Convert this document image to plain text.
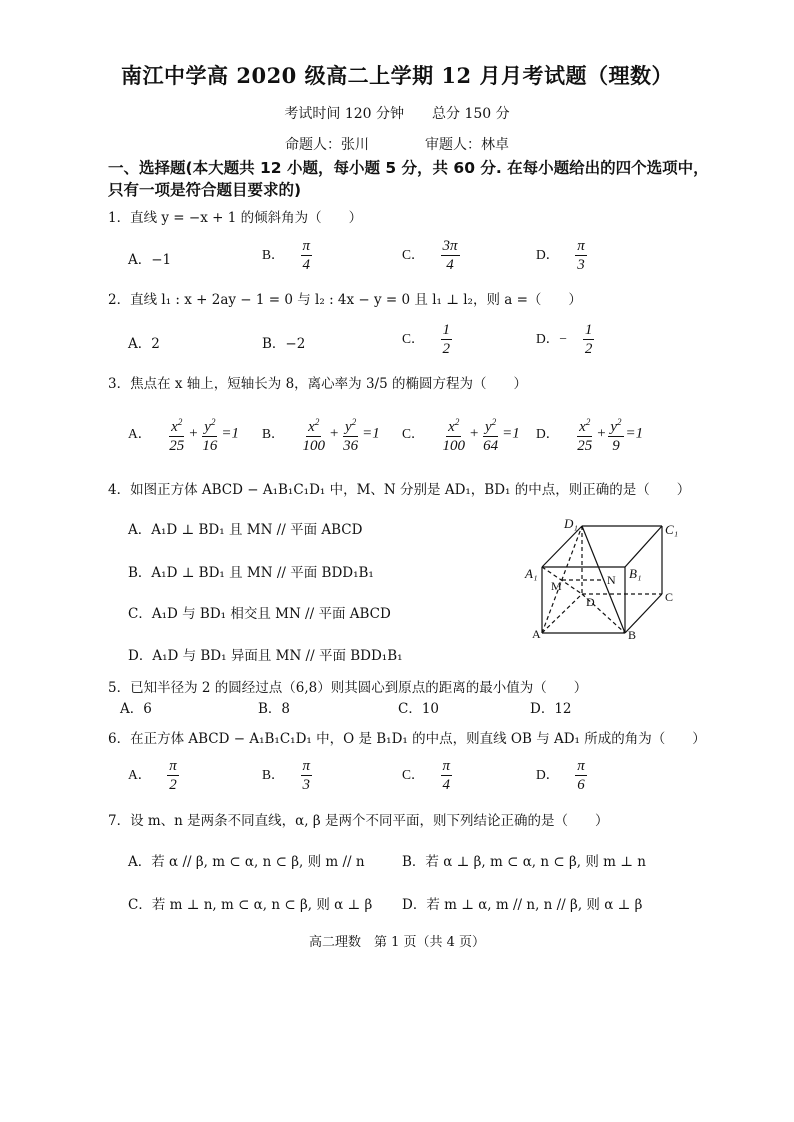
南江中学高 2020 级高二上学期 12 月月考试题（理数）
考试时间 120 分钟　　总分 150 分
命题人：张川　　　　审题人：林卓
一、选择题(本大题共 12 小题，每小题 5 分，共 60 分. 在每小题给出的四个选项中，
只有一项是符合题目要求的)
1．直线 y = −x + 1 的倾斜角为（　　）
A．−1	B． $\frac{\pi}{4}$	C． $\frac{3\pi}{4}$	D． $\frac{\pi}{3}$
2．直线 l₁ : x + 2ay − 1 = 0 与 l₂ : 4x − y = 0 且 l₁ ⊥ l₂，则 a =（　　）
A．2	B．−2	C． $\frac{1}{2}$	D．− $\frac{1}{2}$
3．焦点在 x 轴上，短轴长为 8，离心率为 3/5 的椭圆方程为（　　）
A． $\frac{x^2}{25} + \frac{y^2}{16} =1$ B． $\frac{x^2}{100} + \frac{y^2}{36} =1$ C． $\frac{x^2}{100} + \frac{y^2}{64} =1$ D． $\frac{x^2}{25} + \frac{y^2}{9} =1$
4．如图正方体 ABCD − A₁B₁C₁D₁ 中，M、N 分别是 AD₁，BD₁ 的中点，则正确的是（　　）
A．A₁D ⊥ BD₁ 且 MN // 平面 ABCD
B．A₁D ⊥ BD₁ 且 MN // 平面 BDD₁B₁
C．A₁D 与 BD₁ 相交且 MN // 平面 ABCD
D．A₁D 与 BD₁ 异面且 MN // 平面 BDD₁B₁
D₁	C₁
A₁	B₁
M	N
D	C
A	B
5．已知半径为 2 的圆经过点（6,8）则其圆心到原点的距离的最小值为（　　）
A．6	B．8	C．10	D．12
6．在正方体 ABCD − A₁B₁C₁D₁ 中，O 是 B₁D₁ 的中点，则直线 OB 与 AD₁ 所成的角为（　　）
A． $\frac{\pi}{2}$	B． $\frac{\pi}{3}$	C． $\frac{\pi}{4}$	D． $\frac{\pi}{6}$
7．设 m、n 是两条不同直线，α, β 是两个不同平面，则下列结论正确的是（　　）
A．若 α // β, m ⊂ α, n ⊂ β, 则 m // n	B．若 α ⊥ β, m ⊂ α, n ⊂ β, 则 m ⊥ n
C．若 m ⊥ n, m ⊂ α, n ⊂ β, 则 α ⊥ β D．若 m ⊥ α, m // n, n // β, 则 α ⊥ β
高二理数　第 1 页（共 4 页）
